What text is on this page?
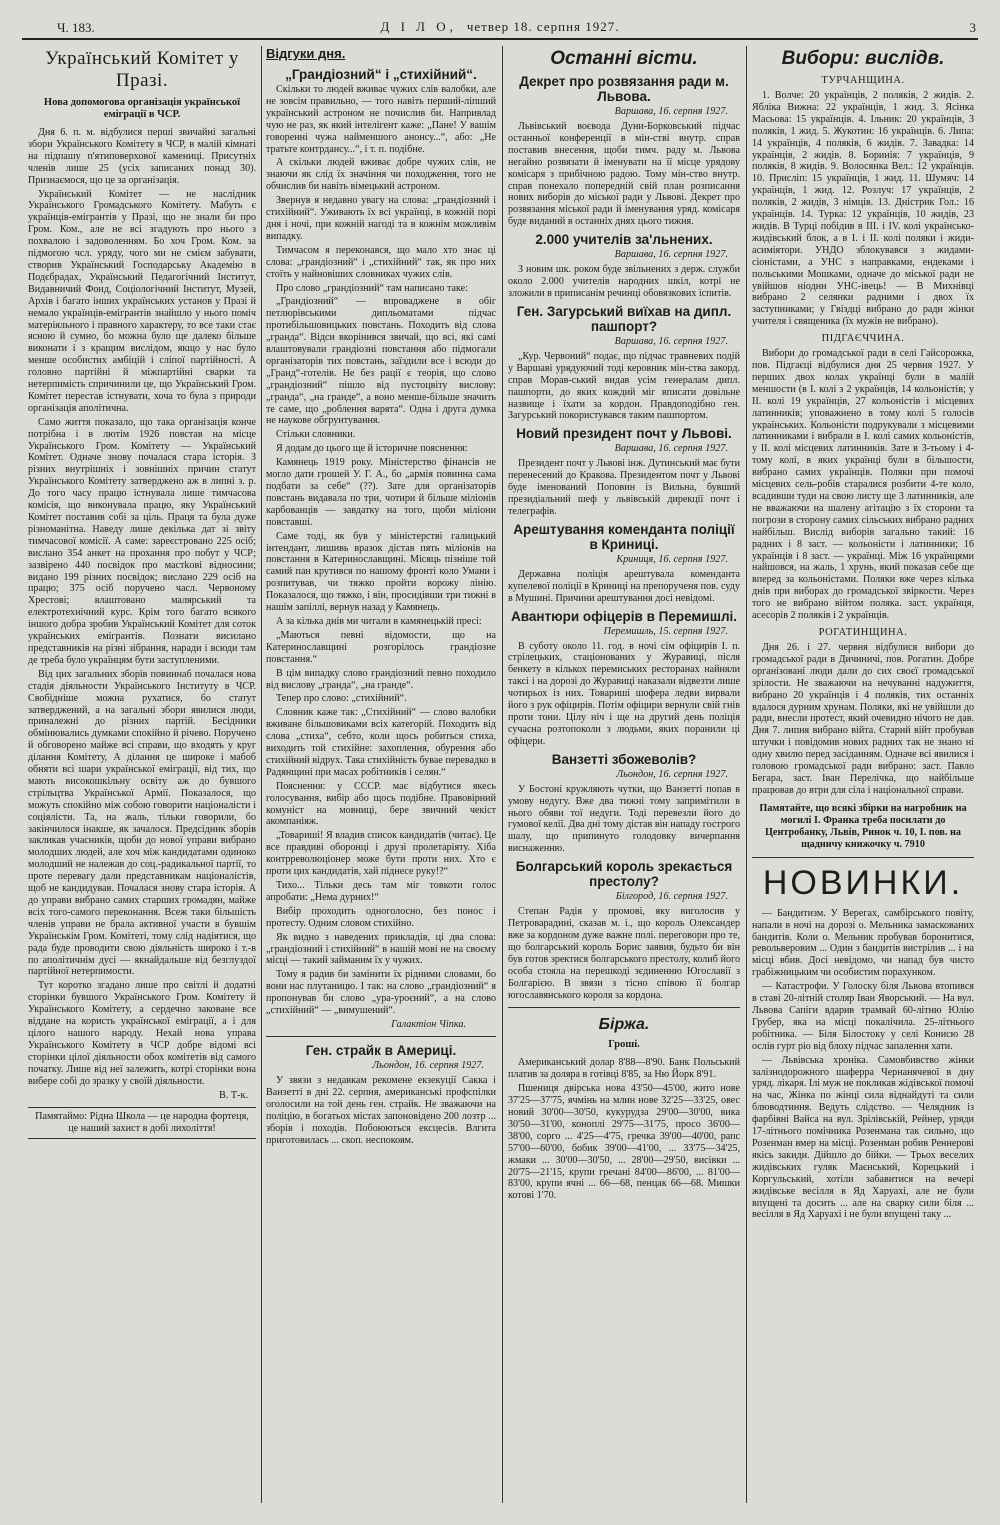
Ч. 183.	Д І Л О, четвер 18. серпня 1927.	3
Український Комітет у Празі.
Нова допомогова організація української еміграції в ЧСР.

Дня 6. п. м. відбулися перші звичайні загальні збори Українського Комітету в ЧСР, в малій кімнаті на підпашу п'ятиповерхової камениці. Присутніх членів лише 25 (усіх записаних понад 30). Признаємося, що це за організація.

Український Комітет — не наслідник Українського Громадського Комітету. Мабуть є українців-емігрантів у Празі, що не знали би про Гром. Ком., але не всі згадують про нього з похвалою і задоволенням. Бо хоч Гром. Ком. за підмогою чсл. уряду, чого ми не смієм забувати, створив Український Господарську Академію в Подєбрадах, Український Педагогічний Інститут, Видавничий Фонд, Соціологічний Інститут, Музей, Архів і багато інших українських установ у Празі й немало українців-емігрантів знайшло у нього поміч матеріяльного і правного характеру, то все таки стає ясною й сумно, бо можна було ще далеко більше виконати і з кращим вислідом, якщо у нас було менше особистих амбіцій і сліпої партійності. А головно партійні й міжпартійні сварки та нетерпимість спричинили це, що Український Гром. Комітет перестав істнувати, хоча то була з природи організація аполітична.

Само життя показало, що така організація конче потрібна і в лютім 1926 повстав на місце Українського Гром. Комітету — Український Комітет. Одначе знову почалася стара історія. З різних внутрішніх і зовнішніх причин статут Українського Комітету затверджено аж в липні з. р. До того часу працю істнувала лише тимчасова комісія, що виконувала працю, яку Український Комітет поставив собі за ціль. Праця та була дуже різноманітна. Наведу лише декілька дат зі звіту тимчасової комісії. А саме: зареєстровано 225 осіб; вислано 354 анкет на прохання про побут у ЧСР; зазвірено 440 посвідок про мастkові відносини; видано 199 різних посвідок; вислано 229 осіб на працю; 375 осіб поручено часл. Червоному Хрестові; влаштовано малярський та електротехнічний курс. Крім того багато всякого іншого добра зробив Український Комітет для соток українських емігрантів. Познати висилано представників на різні зібрання, наради і всюди там де треба було українцям бути заступленими.

Від цих загальних зборів повиннаб почалася нова стадія діяльности Українського Інституту в ЧСР. Свобідніше можна рухатися, бо статут затверджений, а на загальні збори явилися люди, приналежні до різних партій. Бесідники обмінювались думками спокійно й річево. Поручено й обговорено майже всі справи, що входять у круг ділання Комітету, А ділання це широке і мабоб обняти всі шари української еміграції, від тих, що мають високошкільну освіту аж до бувшого стрільцтва Української Армії. Показалося, що можуть спокійно між собою говорити націоналісти і соціялісти. Та, на жаль, тільки говорили, бо закінчилося інакше, як зачалося. Предсідник зборів закликав учасників, щоби до нової управи вибрано молодших людей, але хоч між кандидатами одиноко молодший не належав до соц.-радикальної партії, то проте перевагу дали представникам націоналістів, щоб не кандидував. Почалася знову стара історія. А до управи вибрано самих старших громадян, майже всіх того-самого переконання. Всеж таки більшість членів управи не брала активної участи в бувшім Українськім Гром. Комітеті, тому слід надіятися, що рада буде проводити свою діяльність широко і т.-в по аполітичнім дусі — якнайдальше від безглуздої партійної нетерпимости.

Тут коротко згадано лише про світлі й додатні сторінки бувшого Українського Гром. Комітету й Українського Комітету, а сердечно заковане все віддане на користь української еміграції, а і для цілого нашого народу. Нехай нова управа Українського Комітету в ЧСР добре відомі всі сторінки цілої діяльности обох комітетів від самого початку. Лише від неї залежить, котрі сторінки вона вибере собі до зразку у своїй діяльности.

В. Т-к.
Памятаймо: Рідна Школа — це народна фортеця, це наший захист в добі лихоліття!
Відгуки дня.
„Грандіозний“ і „стихійний“.

Скільки то людей вживає чужих слів валобки, але не зовсім правильно, — того навіть перший-ліпший український астроном не почислив би. Напривлад чую не раз, як який інтелігент каже: „Пане! У вашім говоренні чужа найменшого анонсу...“, або: „Не тратьте контрдансу...“, і т. п. подібне.

А скільки людей вживає добре чужих слів, не знаючи як слід їх значіння чи походження, того не обчислив би навіть вімецький астроном.

Звернув я недавно увагу на слова: „грандіозний і стихійний“. Уживають їх всі українці, в кожній порі дня і ночі, при кожній нагоді та в кожнім можливім випадку.

Тимчасом я переконався, що мало хто знає ці слова: „грандіозний“ і „стихійний“ так, як про них стоїть у найновіших словниках чужих слів.

Про слово „грандіозний“ там написано таке:

„Грандіозний“ — впроваджене в обіг петлюрівськими дипльоматами підчас протибільшовицьких повстань. Походить від слова „гранда“. Відси вкорінився звичай, що всі, які самі влаштовували грандіозні повстання або підмогали організаторів тих повстань, заїздили все і всюди до „Гранд“-готелів. Не без рації є теорія, що слово „грандіозний“ пішло від пустоцвіту вислову: „гранда“, „на гранде“, а воно менше-більше значить те саме, що „роблення варята“. Одна і друга думка не наукове обгрунтування.

Стільки словники.

Я додам до цього ще й історичне пояснення:

Камянець 1919 року. Міністерство фінансів не могло дати грошей У. Г. А., бо „армія повинна сама подбати за себе“ (??). Зате для організаторів повстань видавала по три, чотири й більше міліонів карбованців — завдатку на того, щоби міліони повставші.

Саме тоді, як був у міністерстві галицький інтендант, лишивь вразок дістав пять міліонів на повстання в Катеринославщині. Місяць пізніше той самий пан крутився по нашому фронті коло Умани і розпитував, чи тяжко пройти ворожу лінію. Показалося, що тяжко, і він, просидівши три тижні в нашім запіллі, вернув назад у Камянець.

А за кілька днів ми читали в камянецькій пресі:

„Маються певні відомости, що на Катеринославщині розгорілось грандіозне повстання.“

В цім випадку слово грандіозний певно походило від вислову „гранда“, „на гранде“.

Тепер про слово: „стихійний“.

Словник каже так: „Стихійний“ — слово валобки вживане більшовиками всіх категорій. Походить від слова „стиха“, себто, коли щось робиться стиха, виходить той стихійне: захоплення, обурення або стихійний відрух. Така стихійність бувае перевадко в Радянщині при масах робітників і селян.“

Пояснення: у СССР. має відбутися якесь голосування, вибір або щось подібне. Правовірний комуніст на мовниці, бере звичний чекіст акомпаніяж.

„Товариші! Я владив список кандидатів (читає). Це все правдиві оборонці і друзі пролетаріяту. Хіба контрреволюціонер може бути проти них. Хто є проти цих кандидатів, хай піднесе руку!?“

Тихо... Тільки десь там міг товкоти голос апробати: „Нема дурних!“

Вибір проходить одноголосно, без понос і протесту. Одним словом стихійно.

Як видно з наведених прикладів, ці два слова: „грандіозний і стихійний“ в нашій мові не на своєму місці — такий займаним їх у чужих.

Тому я радив би замінити їх рідними словами, бо вони нас плутаницю. І так: на слово „грандіозний“ я пропонував би слово „ура-уроєний“, а на слово „стихійний“ — „вимушений“.

Галактіон Чіпка.
Ген. страйк в Америці.
Льондон, 16. серпня 1927.

У звязи з недавкам рекомене екзекуції Сакка і Ванзетті в дні 22. серпня, американські профспілки оголосили на той день ген. страйк. Не зважаючи на поліцію, в богатьох містах запоновідено 200 лозтр ... зборів і походів. Побоюються ексцесів. Влгита приготовилась ... скоп. неспокоям.

Останні вісти.
Декрет про розвязання ради м. Львова.
Варшава, 16. серпня 1927.

Львівський воєвода Дуни-Борковський підчас останньої конференції в мін-стві внутр. справ поставив внесення, щоби тимч. раду м. Львова негайно розвязати й іменувати на її місце урядову комісаря з прибічною радою. Тому мін-ство внутр. справ понехало попередній свій план розписання нових виборів до міської ради у Львові. Декрет про розвязання міської ради й іменування уряд. комісаря буде виданий в останніх днях цього тижня.

2.000 учителів за'льнених.
Варшава, 16. серпня 1927.

З новим шк. роком буде звільнених з держ. служби около 2.000 учителів народних шкіл, котрі не зложили в приписанім речинці обовязкових іспитів.

Ген. Загурський виїхав на дипл. пашпорт?
Варшава, 16. серпня 1927.

„Кур. Червоний“ подає, що підчас травневих подій у Варшаві урядуючий тоді керовник мін-ства закорд. справ Морав-ський видав усім генералам дипл. пашпорти, до яких кождий міг вписати довільне назвище і їхати за кордон. Правдоподібно ген. Загурський покористувався таким пашпортом.

Новий президент почт у Львові.
Варшава, 16. серпня 1927.

Президент почт у Львові інж. Дутинський має бути перенесений до Кракова. Президентом почт у Львові буде іменований Поповин із Вильна, бувший президіальний шеф у львівській дирекції почт і телеграфів.

Арештування коменданта поліції в Криниці.
Криниця, 16. серпня 1927.

Державна поліція арештувала коменданта купелевої поліції в Криниці на препорученя пов. суду в Мушині. Причини арештування досі невідомі.

Авантюри офіцерів в Перемишлі.
Перемишль, 15. серпня 1927.

В суботу около 11. год. в ночі сім офіцирів І. п. стрілецьких, стаціонованих у Журавиці, після бенкету в кількох перемиських ресторанах найняли таксі і на дорозі до Журавиці наказали відвезти лише чотирьох із них. Товариші шофера ледви вирвали його з рук офіцирів. Потім офіцири вернули свій гнів проти тони. Цілу ніч і ще на другий день поліція сучасна розтопоколи з людьми, яких поранили ці офіцери.

Ванзетті збожеволів?
Льондон, 16. серпня 1927.

У Бостоні кружляють чутки, що Ванзетті попав в умову недугу. Вже два тижні тому запримітили в нього обяви тої недуги. Тоді перевезли його до гумової келії. Два дні тому дістав він нападу гострого шалу, що припинуто голодовку вичерпання виснаженню.

Болгарський король зрекається престолу?
Білгород, 16. серпня 1927.

Степан Радія у промові, яку виголосив у Петроварадині, сказав м. і., що король Олександер вже за кордоном дуже важне полі. переговори про те, що болгарський король Борис заявив, будьто би він був готов зректися болгарського престолу, колиб його особа стояла на перешкоді зєдиненню Югославії з Болгарією. В звязи з тісно співою її болгар югославянського короля за кордона.

Біржа.
Гроші.

Американський долар 8'88—8'90. Банк Польський платив за доляра в готівці 8'85, за Ню Йорк 8'91.

Пшениця двірська нова 43'50—45'00, жито нове 37'25—37'75, ячмінь на млин нове 32'25—33'25, овес новий 30'00—30'50, кукурудза 29'00—30'00, вика 30'50—31'00, коноплі 29'75—31'75, просо 36'00—38'00, сорго ... 4'25—4'75, гречка 39'00—40'00, рапс 57'00—60'00, бобик 39'00—41'00, ... 33'75—34'25, жмаки ... 30'00—30'50, ... 28'00—29'50, висівки ... 20'75—21'15, крупи гречані 84'00—86'00, ... 81'00—83'00, крупи ячні ... 66—68, пенцак 66—68. Мишки котові 1'70.

Вибори: вислідв.
ТУРЧАНЩИНА.

1. Волче: 20 українців, 2 поляків, 2 жидів. 2. Ябліка Вижна: 22 українців, 1 жид. 3. Ясінка Масьова: 15 українців. 4. Ільник: 20 українців, 3 поляків, 1 жид. 5. Жукотин: 16 українців. 6. Липа: 14 українців, 4 поляків, 6 жидів. 7. Завадка: 14 українців, 2 жидів. 8. Боринія: 7 українців, 9 поляків, 8 жидів. 9. Волосянка Вел.: 12 українців. 10. Присліп: 15 українців, 1 жид. 11. Шумяч: 14 українців, 1 жид. 12. Розлуч: 17 українців, 2 поляків, 2 жидів, 3 німців. 13. Дністрик Гол.: 16 українців. 14. Турка: 12 українців, 10 жидів, 23 жидів. В Турці побідив в ІІІ. і IV. колі українсько-жидівський блок, а в І. і ІІ. колі поляки і жиди-асиміятори. УНДО зблокувався з жидами-сіоністами, а УНС з направками, ендеками і польськими Мошками, одначе до міської ради не увійшов ніоднн УНС-івець! — В Михнівці вибрано 2 селянки радними і двох їх заступниками; у Гвіздці вибрано до ради жінки учителя і священика (їх мужів не вибрано).

ПІДГАЄЧЧИНА.

Вибори до громадської ради в селі Гайсорожка, пов. Підгаєці відбулися дня 25 червня 1927. У перших двох колах українці були в малій меншости (в І. колі з 2 українців, 14 кольоністів; у ІІ. колі 19 українців, 27 кольоністів і місцевих латинників; уповажнено в тому колі 5 голосів українських. Кольоністи подрукували з місцевими латинниками і вибрали в І. колі самих кольоністів, у ІІ. колі місцевих латинників. Зате в 3-тьому і 4-тому колі, в яких українці були в більшости, вибрано самих українців. Поляки при помочі місцевих сель-робів старалися розбити 4-те коло, всадивши туди на свою листу ще 3 латинників, але не вважаючи на шалену агітацію з їх сторони та погрози в сторону самих сільських вибрано радних найбільш. Вислід виборів загально такий: 16 радних і 8 заст. — кольоністи і латинники; 16 українців і 8 заст. — українці. Між 16 українцями найшовся, на жаль, 1 хрунь, який показав себе ще вперед за кольоністами. Поляки вже через кілька днів при виборах до громадської звіркости. Через того не вибрано війтом поляка. заст. українця, асесорів 2 поляків і 2 українців.

РОГАТИНЩИНА.

Дня 26. і 27. червня відбулися вибори до громадської ради в Дичиничі, пов. Рогатин. Добре організовані люди дали до сих своєї громадської зрілости. Не зважаючи на нечуванні надужиття, вибрано 20 українців і 4 поляків, тих останніх вдалося дурним хрунам. Поляки, які не увійшли до ради, внесли протест, який очевидно нічого не дав. Дня 7. липня вибрано війта. Старий війт пробував штучки і повідомив нових радних так не знано ні одну хвилю перед засіданням. Одначе всі явилися і головою громадської ради вибрано: заст. Павло Бегара, заст. Іван Перелічка, що найбільше працював до втри для сіла і національної справи.

Памятайте, що всякі збірки на нагробник на могилі І. Франка треба посилати до Центробанку, Львів, Ринок ч. 10, І. пов. на щадничу книжочку ч. 7910
НОВИНКИ.

— Бандитизм. У Верегах, самбірського повіту, напали в ночі на дорозі о. Мельника замаскованих бандитів. Коли о. Мельник пробував боронитися, револьверовим ... Один з бандитів вистрілив ... і на місці вбив. Досі невідомо, чи напад був чисто грабіжницьким чи особистим порахунком.

— Катастрофи. У Голоску біля Львова втопився в ставі 20-літній столяр Іван Яворський. — На вул. Львова Сапіги вдарив трамвай 60-літню Юлію Грубер, яка на місці покалічила. 25-літнього робітника. — Біля Білостоку у селі Конисю 28 ослів гурт ріо від блоху підчас запалення хати.

— Львівська хроніка. Самовбивство жінки залізнодорожного шаферра Чернанячевої в дну уряд. лікаря. Ілі муж не покликав жідівської помочі на час, Жінка по жінці сила віднайдуті та сили блюводтиння. Ведуть слідство. — Челядник із фарбівні Вайса на вул. Зрілівській, Рейнер, уряди 17-літнього помічника Розенмана так сильно, що Розенман вмер на місці. Розенман робив Реннерові якісь закиди. Дійшло до бійки. — Трьох веселих жидівських гуляк Маєнський, Корецький і Коргульський, хотіли забавитися на вечері жидівське весілля в Яд Харуахі, але не були впущені та досить ... але на сварку сили біля ... весілля в Яд Харуахі і не були впущені таку ...
